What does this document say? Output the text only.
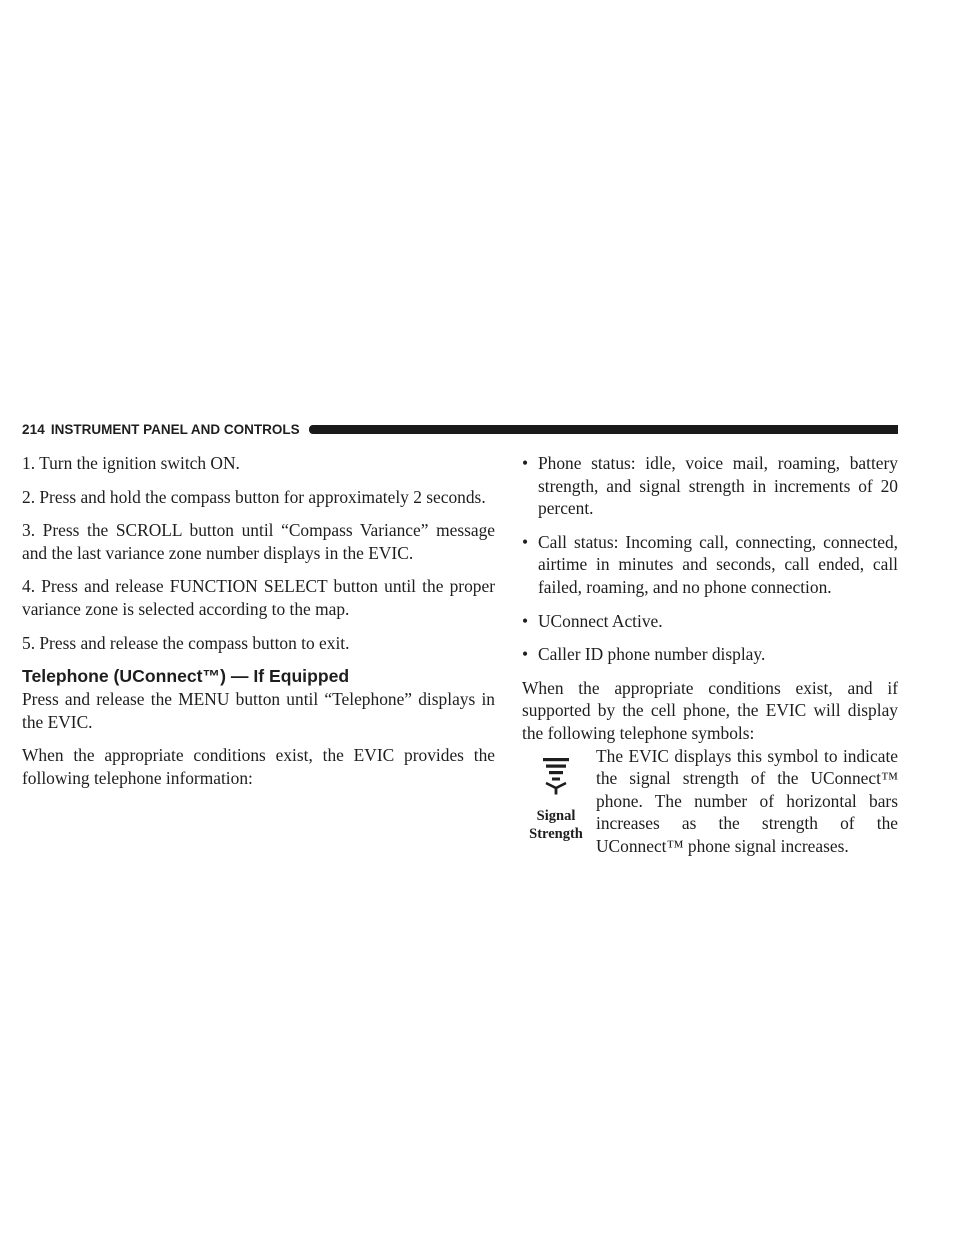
214 INSTRUMENT PANEL AND CONTROLS
1. Turn the ignition switch ON.
2. Press and hold the compass button for approximately 2 seconds.
3. Press the SCROLL button until “Compass Variance” message and the last variance zone number displays in the EVIC.
4. Press and release FUNCTION SELECT button until the proper variance zone is selected according to the map.
5. Press and release the compass button to exit.
Telephone (UConnect™) — If Equipped

Press and release the MENU button until “Telephone” displays in the EVIC.

When the appropriate conditions exist, the EVIC provides the following telephone information:

• Phone status: idle, voice mail, roaming, battery strength, and signal strength in increments of 20 percent.
• Call status: Incoming call, connecting, connected, airtime in minutes and seconds, call ended, call failed, roaming, and no phone connection.
• UConnect Active.
• Caller ID phone number display.

When the appropriate conditions exist, and if supported by the cell phone, the EVIC will display the following telephone symbols:

Signal
Strength
The EVIC displays this symbol to indicate the signal strength of the UConnect™ phone. The number of horizontal bars increases as the strength of the UConnect™ phone signal increases.
